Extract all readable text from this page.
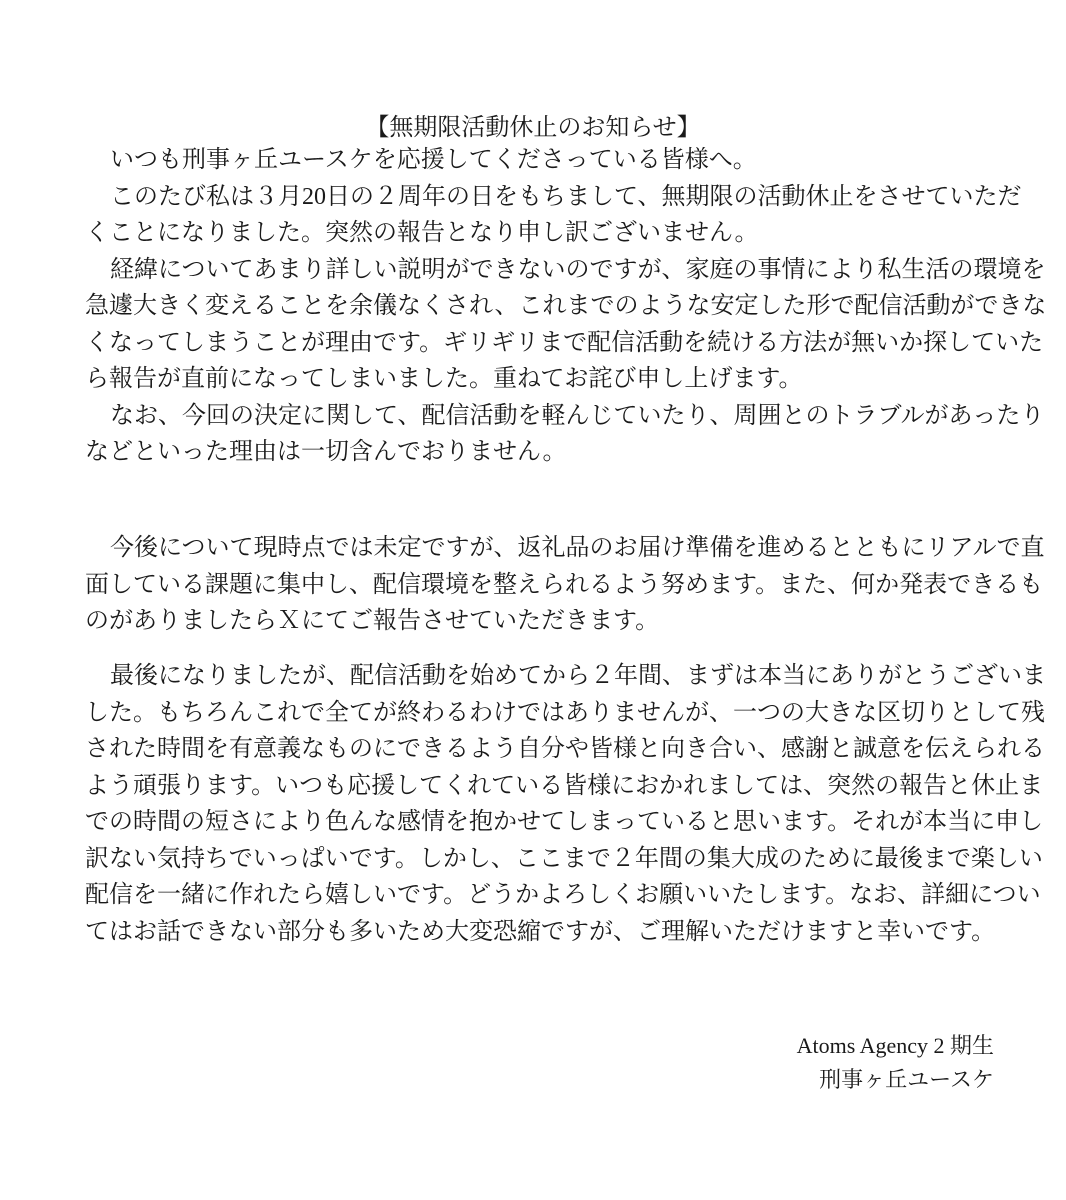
【無期限活動休止のお知らせ】
いつも刑事ヶ丘ユースケを応援してくださっている皆様へ。
このたび私は３月20日の２周年の日をもちまして、無期限の活動休止をさせていただ
くことになりました。突然の報告となり申し訳ございません。
経緯についてあまり詳しい説明ができないのですが、家庭の事情により私生活の環境を
急遽大きく変えることを余儀なくされ、これまでのような安定した形で配信活動ができな
くなってしまうことが理由です。ギリギリまで配信活動を続ける方法が無いか探していた
ら報告が直前になってしまいました。重ねてお詫び申し上げます。
なお、今回の決定に関して、配信活動を軽んじていたり、周囲とのトラブルがあったり
などといった理由は一切含んでおりません。
今後について現時点では未定ですが、返礼品のお届け準備を進めるとともにリアルで直
面している課題に集中し、配信環境を整えられるよう努めます。また、何か発表できるも
のがありましたらＸにてご報告させていただきます。
最後になりましたが、配信活動を始めてから２年間、まずは本当にありがとうございま
した。もちろんこれで全てが終わるわけではありませんが、一つの大きな区切りとして残
された時間を有意義なものにできるよう自分や皆様と向き合い、感謝と誠意を伝えられる
よう頑張ります。いつも応援してくれている皆様におかれましては、突然の報告と休止ま
での時間の短さにより色んな感情を抱かせてしまっていると思います。それが本当に申し
訳ない気持ちでいっぱいです。しかし、ここまで２年間の集大成のために最後まで楽しい
配信を一緒に作れたら嬉しいです。どうかよろしくお願いいたします。なお、詳細につい
てはお話できない部分も多いため大変恐縮ですが、ご理解いただけますと幸いです。
Atoms Agency 2 期生
刑事ヶ丘ユースケ
